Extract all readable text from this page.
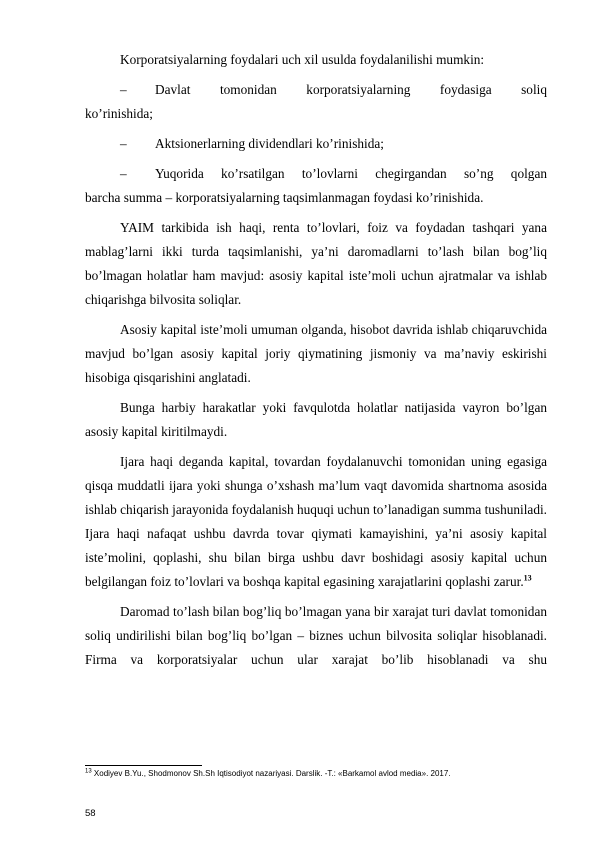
Korporatsiyalarning foydalari uch xil usulda foydalanilishi mumkin:

–	Davlat tomonidan korporatsiyalarning foydasiga soliq
ko’rinishida;
–	Aktsionerlarning dividendlari ko’rinishida;
–	Yuqorida ko’rsatilgan to’lovlarni chegirgandan so’ng qolgan
barcha summa – korporatsiyalarning taqsimlanmagan foydasi ko’rinishida.

YAIM tarkibida ish haqi, renta to’lovlari, foiz va foydadan tashqari yana mablag’larni ikki turda taqsimlanishi, ya’ni daromadlarni to’lash bilan bog’liq bo’lmagan holatlar ham mavjud: asosiy kapital iste’moli uchun ajratmalar va ishlab chiqarishga bilvosita soliqlar.

Asosiy kapital iste’moli umuman olganda, hisobot davrida ishlab chiqaruvchida mavjud bo’lgan asosiy kapital joriy qiymatining jismoniy va ma’naviy eskirishi hisobiga qisqarishini anglatadi.

Bunga harbiy harakatlar yoki favqulotda holatlar natijasida vayron bo’lgan asosiy kapital kiritilmaydi.

Ijara haqi deganda kapital, tovardan foydalanuvchi tomonidan uning egasiga qisqa muddatli ijara yoki shunga o’xshash ma’lum vaqt davomida shartnoma asosida ishlab chiqarish jarayonida foydalanish huquqi uchun to’lanadigan summa tushuniladi. Ijara haqi nafaqat ushbu davrda tovar qiymati kamayishini, ya’ni asosiy kapital iste’molini, qoplashi, shu bilan birga ushbu davr boshidagi asosiy kapital uchun belgilangan foiz to’lovlari va boshqa kapital egasining xarajatlarini qoplashi zarur.$^{13}$

Daromad to’lash bilan bog’liq bo’lmagan yana bir xarajat turi davlat tomonidan soliq undirilishi bilan bog’liq bo’lgan – biznes uchun bilvosita soliqlar hisoblanadi. Firma va korporatsiyalar uchun ular xarajat bo’lib hisoblanadi va shu

$^{13}$ Xodiyev B.Yu., Shodmonov Sh.Sh Iqtisodiyot nazariyasi. Darslik. -T.: «Barkamol avlod media». 2017.
58
